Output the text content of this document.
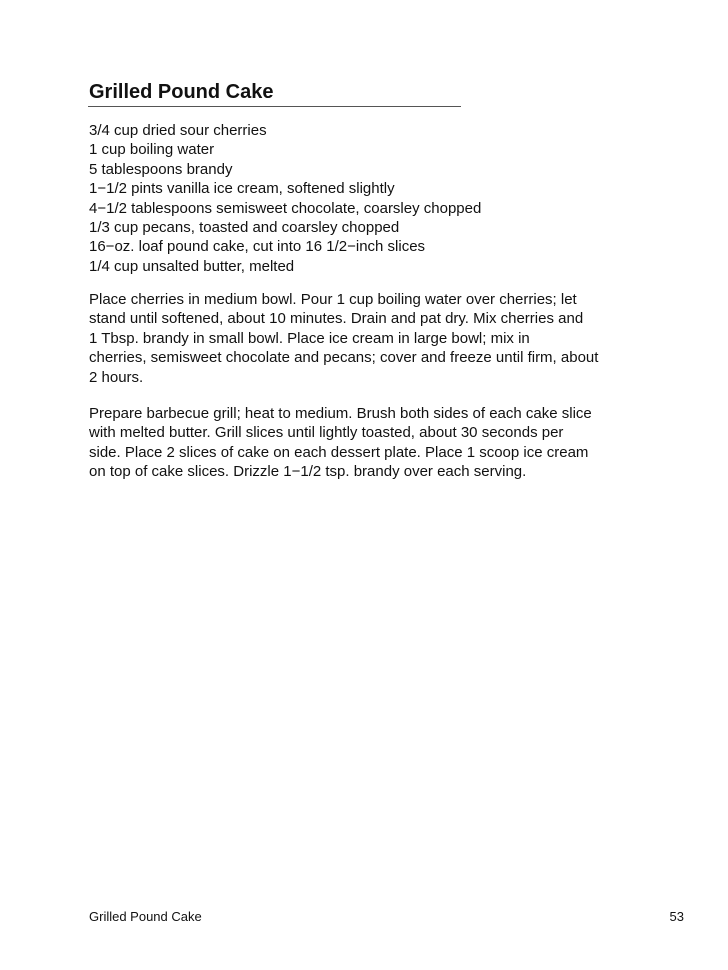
Grilled Pound Cake
3/4 cup dried sour cherries
1 cup boiling water
5 tablespoons brandy
1−1/2 pints vanilla ice cream, softened slightly
4−1/2 tablespoons semisweet chocolate, coarsley chopped
1/3 cup pecans, toasted and coarsley chopped
16−oz. loaf pound cake, cut into 16 1/2−inch slices
1/4 cup unsalted butter, melted

Place cherries in medium bowl. Pour 1 cup boiling water over cherries; let
stand until softened, about 10 minutes. Drain and pat dry. Mix cherries and
1 Tbsp. brandy in small bowl. Place ice cream in large bowl; mix in
cherries, semisweet chocolate and pecans; cover and freeze until firm, about
2 hours.

Prepare barbecue grill; heat to medium. Brush both sides of each cake slice
with melted butter. Grill slices until lightly toasted, about 30 seconds per
side. Place 2 slices of cake on each dessert plate. Place 1 scoop ice cream
on top of cake slices. Drizzle 1−1/2 tsp. brandy over each serving.

Grilled Pound Cake	53
